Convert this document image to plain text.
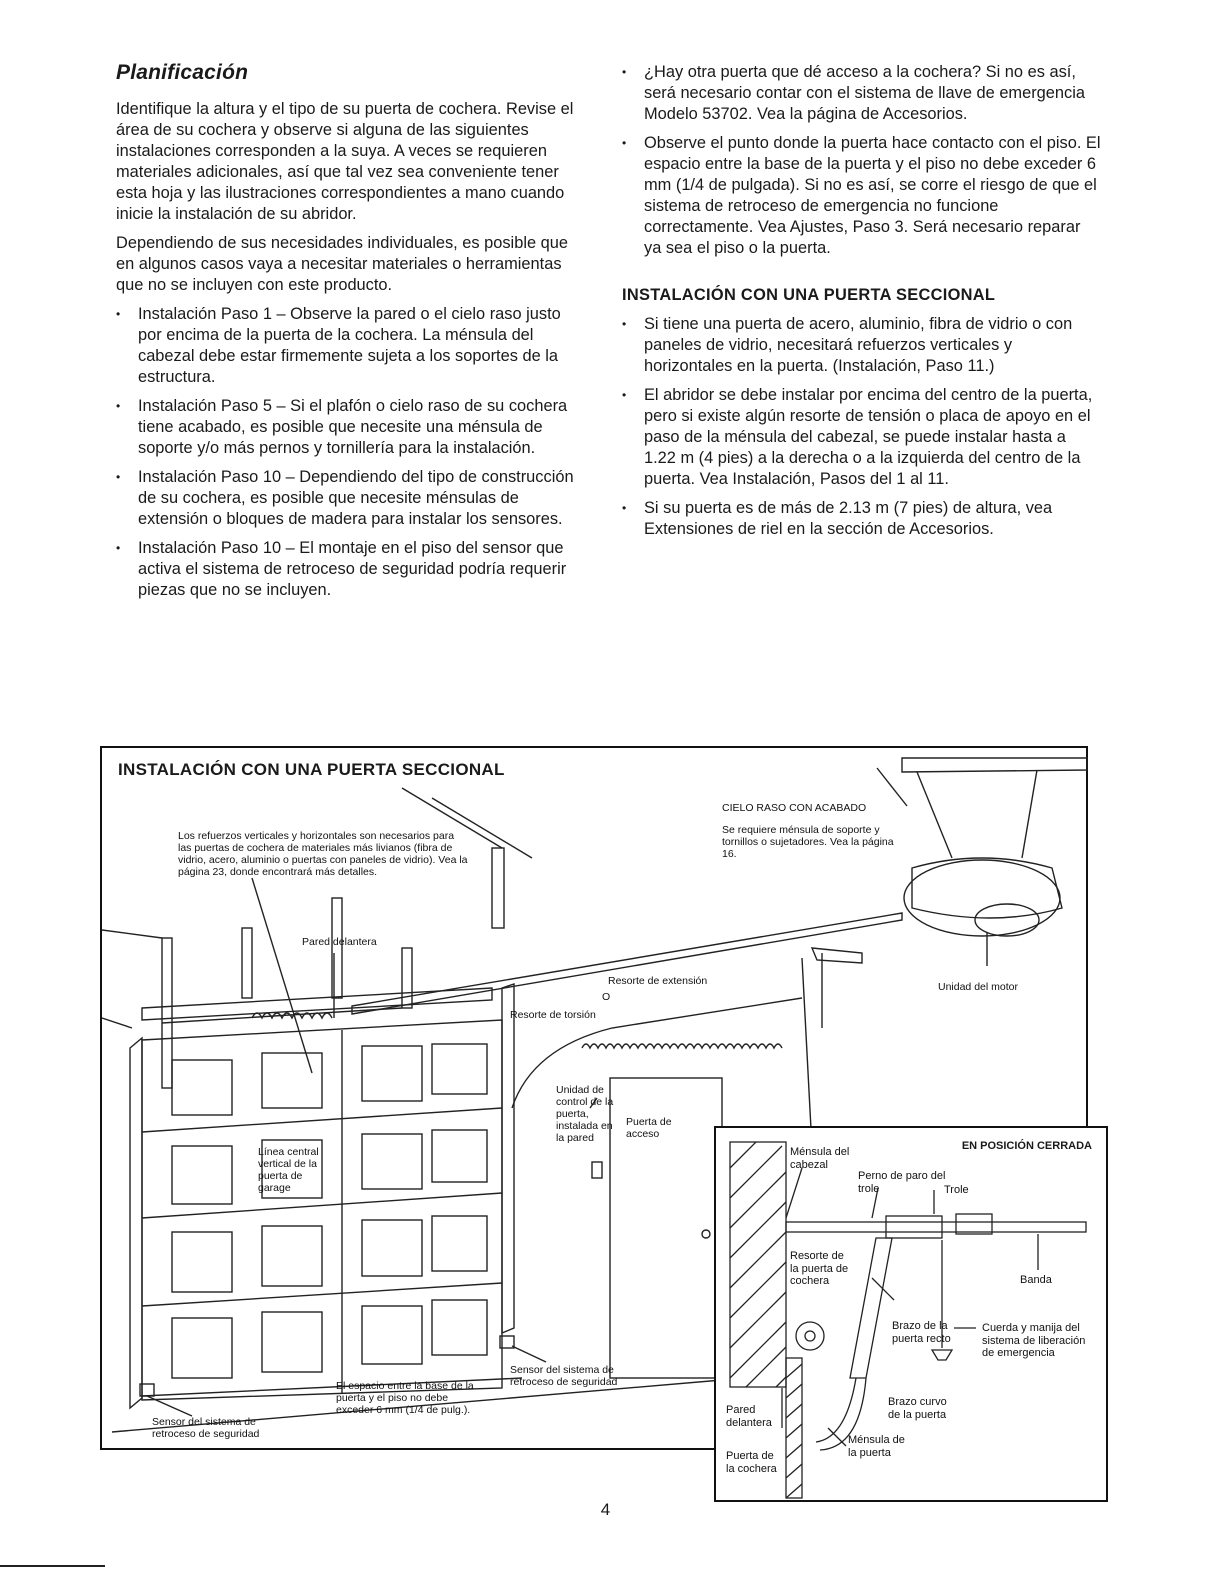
Planificación

Identifique la altura y el tipo de su puerta de cochera. Revise el área de su cochera y observe si alguna de las siguientes instalaciones corresponden a la suya. A veces se requieren materiales adicionales, así que tal vez sea conveniente tener esta hoja y las ilustraciones correspondientes a mano cuando inicie la instalación de su abridor.

Dependiendo de sus necesidades individuales, es posible que en algunos casos vaya a necesitar materiales o herramientas que no se incluyen con este producto.

• Instalación Paso 1 – Observe la pared o el cielo raso justo por encima de la puerta de la cochera. La ménsula del cabezal debe estar firmemente sujeta a los soportes de la estructura.
• Instalación Paso 5 – Si el plafón o cielo raso de su cochera tiene acabado, es posible que necesite una ménsula de soporte y/o más pernos y tornillería para la instalación.
• Instalación Paso 10 – Dependiendo del tipo de construcción de su cochera, es posible que necesite ménsulas de extensión o bloques de madera para instalar los sensores.
• Instalación Paso 10 – El montaje en el piso del sensor que activa el sistema de retroceso de seguridad podría requerir piezas que no se incluyen.
• ¿Hay otra puerta que dé acceso a la cochera? Si no es así, será necesario contar con el sistema de llave de emergencia Modelo 53702. Vea la página de Accesorios.
• Observe el punto donde la puerta hace contacto con el piso. El espacio entre la base de la puerta y el piso no debe exceder 6 mm (1/4 de pulgada). Si no es así, se corre el riesgo de que el sistema de retroceso de emergencia no funcione correctamente. Vea Ajustes, Paso 3. Será necesario reparar ya sea el piso o la puerta.
INSTALACIÓN CON UNA PUERTA SECCIONAL
• Si tiene una puerta de acero, aluminio, fibra de vidrio o con paneles de vidrio, necesitará refuerzos verticales y horizontales en la puerta. (Instalación, Paso 11.)
• El abridor se debe instalar por encima del centro de la puerta, pero si existe algún resorte de tensión o placa de apoyo en el paso de la ménsula del cabezal, se puede instalar hasta a 1.22 m (4 pies) a la derecha o a la izquierda del centro de la puerta. Vea Instalación, Pasos del 1 al 11.
• Si su puerta es de más de 2.13 m (7 pies) de altura, vea Extensiones de riel en la sección de Accesorios.
INSTALACIÓN CON UNA PUERTA SECCIONAL
Los refuerzos verticales y horizontales son necesarios para las puertas de cochera de materiales más livianos (fibra de vidrio, acero, aluminio o puertas con paneles de vidrio). Vea la página 23, donde encontrará más detalles.
CIELO RASO CON ACABADO
Se requiere ménsula de soporte y tornillos o sujetadores. Vea la página 16.
Pared delantera
Resorte de extensión
O
Resorte de torsión
Unidad del motor
Unidad de control de la puerta, instalada en la pared
Puerta de acceso
Línea central vertical de la puerta de garage
Sensor del sistema de retroceso de seguridad
El espacio entre la base de la puerta y el piso no debe exceder 6 mm (1/4 de pulg.).
Sensor del sistema de retroceso de seguridad
EN POSICIÓN CERRADA
Ménsula del cabezal
Perno de paro del trole	Trole
Resorte de la puerta de cochera	Banda
Brazo de la puerta recto
Cuerda y manija del sistema de liberación de emergencia
Brazo curvo de la puerta
Pared delantera
Ménsula de la puerta
Puerta de la cochera
4
